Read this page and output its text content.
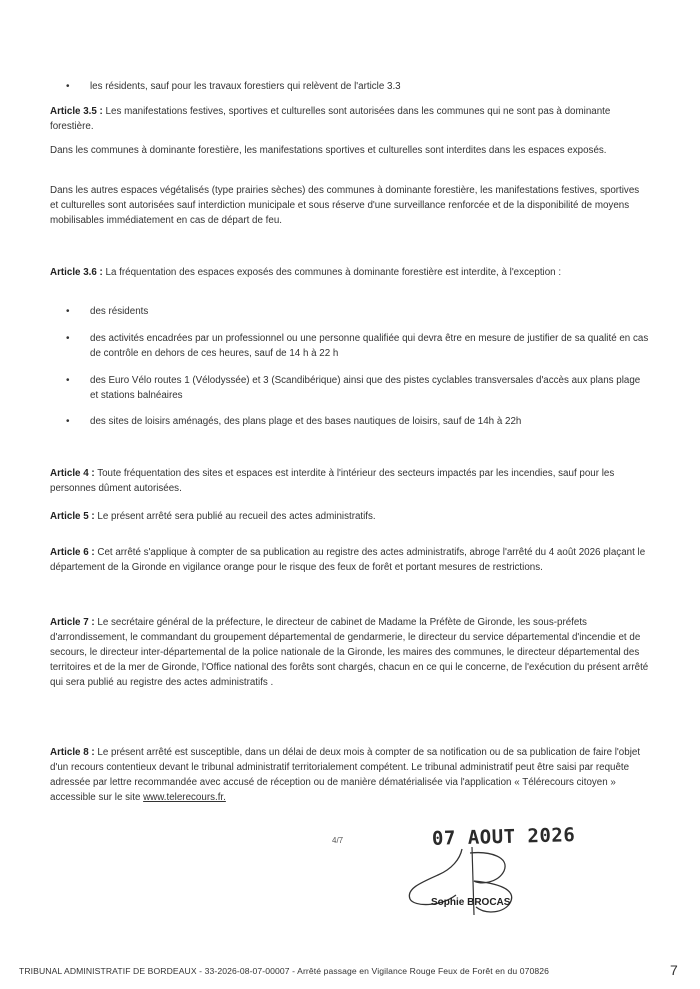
• les résidents, sauf pour les travaux forestiers qui relèvent de l'article 3.3

Article 3.5 : Les manifestations festives, sportives et culturelles sont autorisées dans les communes qui ne sont pas à dominante forestière.

Dans les communes à dominante forestière, les manifestations sportives et culturelles sont interdites dans les espaces exposés.

Dans les autres espaces végétalisés (type prairies sèches) des communes à dominante forestière, les manifestations festives, sportives et culturelles sont autorisées sauf interdiction municipale et sous réserve d'une surveillance renforcée et de la disponibilité de moyens mobilisables immédiatement en cas de départ de feu.

Article 3.6 : La fréquentation des espaces exposés des communes à dominante forestière est interdite, à l'exception :

• des résidents
• des activités encadrées par un professionnel ou une personne qualifiée qui devra être en mesure de justifier de sa qualité en cas de contrôle en dehors de ces heures, sauf de 14 h à 22 h
• des Euro Vélo routes 1 (Vélodyssée) et 3 (Scandibérique) ainsi que des pistes cyclables transversales d'accès aux plans plage et stations balnéaires
• des sites de loisirs aménagés, des plans plage et des bases nautiques de loisirs, sauf de 14h à 22h

Article 4 : Toute fréquentation des sites et espaces est interdite à l'intérieur des secteurs impactés par les incendies, sauf pour les personnes dûment autorisées.

Article 5 : Le présent arrêté sera publié au recueil des actes administratifs.

Article 6 : Cet arrêté s'applique à compter de sa publication au registre des actes administratifs, abroge l'arrêté du 4 août 2026 plaçant le département de la Gironde en vigilance orange pour le risque des feux de forêt et portant mesures de restrictions.

Article 7 : Le secrétaire général de la préfecture, le directeur de cabinet de Madame la Préfète de Gironde, les sous-préfets d'arrondissement, le commandant du groupement départemental de gendarmerie, le directeur du service départemental d'incendie et de secours, le directeur inter-départemental de la police nationale de la Gironde, les maires des communes, le directeur départemental des territoires et de la mer de Gironde, l'Office national des forêts sont chargés, chacun en ce qui le concerne, de l'exécution du présent arrêté qui sera publié au registre des actes administratifs .

Article 8 : Le présent arrêté est susceptible, dans un délai de deux mois à compter de sa notification ou de sa publication de faire l'objet d'un recours contentieux devant le tribunal administratif territorialement compétent. Le tribunal administratif peut être saisi par requête adressée par lettre recommandée avec accusé de réception ou de manière dématérialisée via l'application « Télérecours citoyen » accessible sur le site www.telerecours.fr.

4/7	07 AOUT 2026
Sophie BROCAS
TRIBUNAL ADMINISTRATIF DE BORDEAUX - 33-2026-08-07-00007 - Arrêté passage en Vigilance Rouge Feux de Forêt en du 070826	7
